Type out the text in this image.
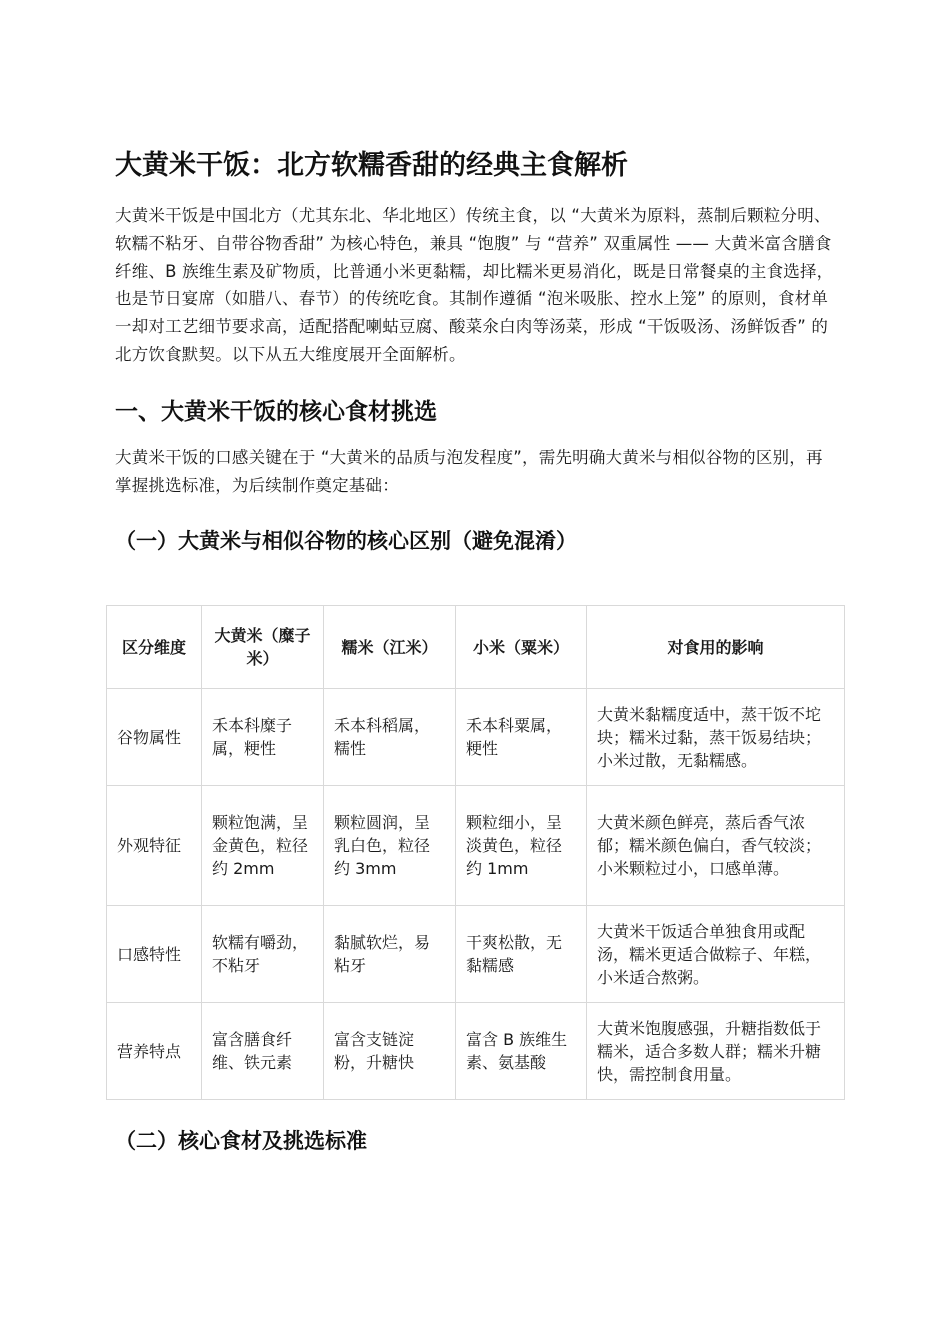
大黄米干饭：北方软糯香甜的经典主食解析

大黄米干饭是中国北方（尤其东北、华北地区）传统主食，以 “大黄米为原料，蒸制后颗粒分明、软糯不粘牙、自带谷物香甜” 为核心特色，兼具 “饱腹” 与 “营养” 双重属性 —— 大黄米富含膳食纤维、B 族维生素及矿物质，比普通小米更黏糯，却比糯米更易消化，既是日常餐桌的主食选择，也是节日宴席（如腊八、春节）的传统吃食。其制作遵循 “泡米吸胀、控水上笼” 的原则，食材单一却对工艺细节要求高，适配搭配喇蛄豆腐、酸菜氽白肉等汤菜，形成 “干饭吸汤、汤鲜饭香” 的北方饮食默契。以下从五大维度展开全面解析。

一、大黄米干饭的核心食材挑选

大黄米干饭的口感关键在于 “大黄米的品质与泡发程度”，需先明确大黄米与相似谷物的区别，再掌握挑选标准，为后续制作奠定基础：

（一）大黄米与相似谷物的核心区别（避免混淆）
区分维度	大黄米（糜子米）	糯米（江米）	小米（粟米）	对食用的影响
谷物属性	禾本科糜子属，粳性	禾本科稻属，糯性	禾本科粟属，粳性	大黄米黏糯度适中，蒸干饭不坨块；糯米过黏，蒸干饭易结块；小米过散，无黏糯感。
外观特征	颗粒饱满，呈金黄色，粒径约 2mm	颗粒圆润，呈乳白色，粒径约 3mm	颗粒细小，呈淡黄色，粒径约 1mm	大黄米颜色鲜亮，蒸后香气浓郁；糯米颜色偏白，香气较淡；小米颗粒过小，口感单薄。
口感特性	软糯有嚼劲，不粘牙	黏腻软烂，易粘牙	干爽松散，无黏糯感	大黄米干饭适合单独食用或配汤，糯米更适合做粽子、年糕，小米适合熬粥。
营养特点	富含膳食纤维、铁元素	富含支链淀粉，升糖快	富含 B 族维生素、氨基酸	大黄米饱腹感强，升糖指数低于糯米，适合多数人群；糯米升糖快，需控制食用量。
（二）核心食材及挑选标准
